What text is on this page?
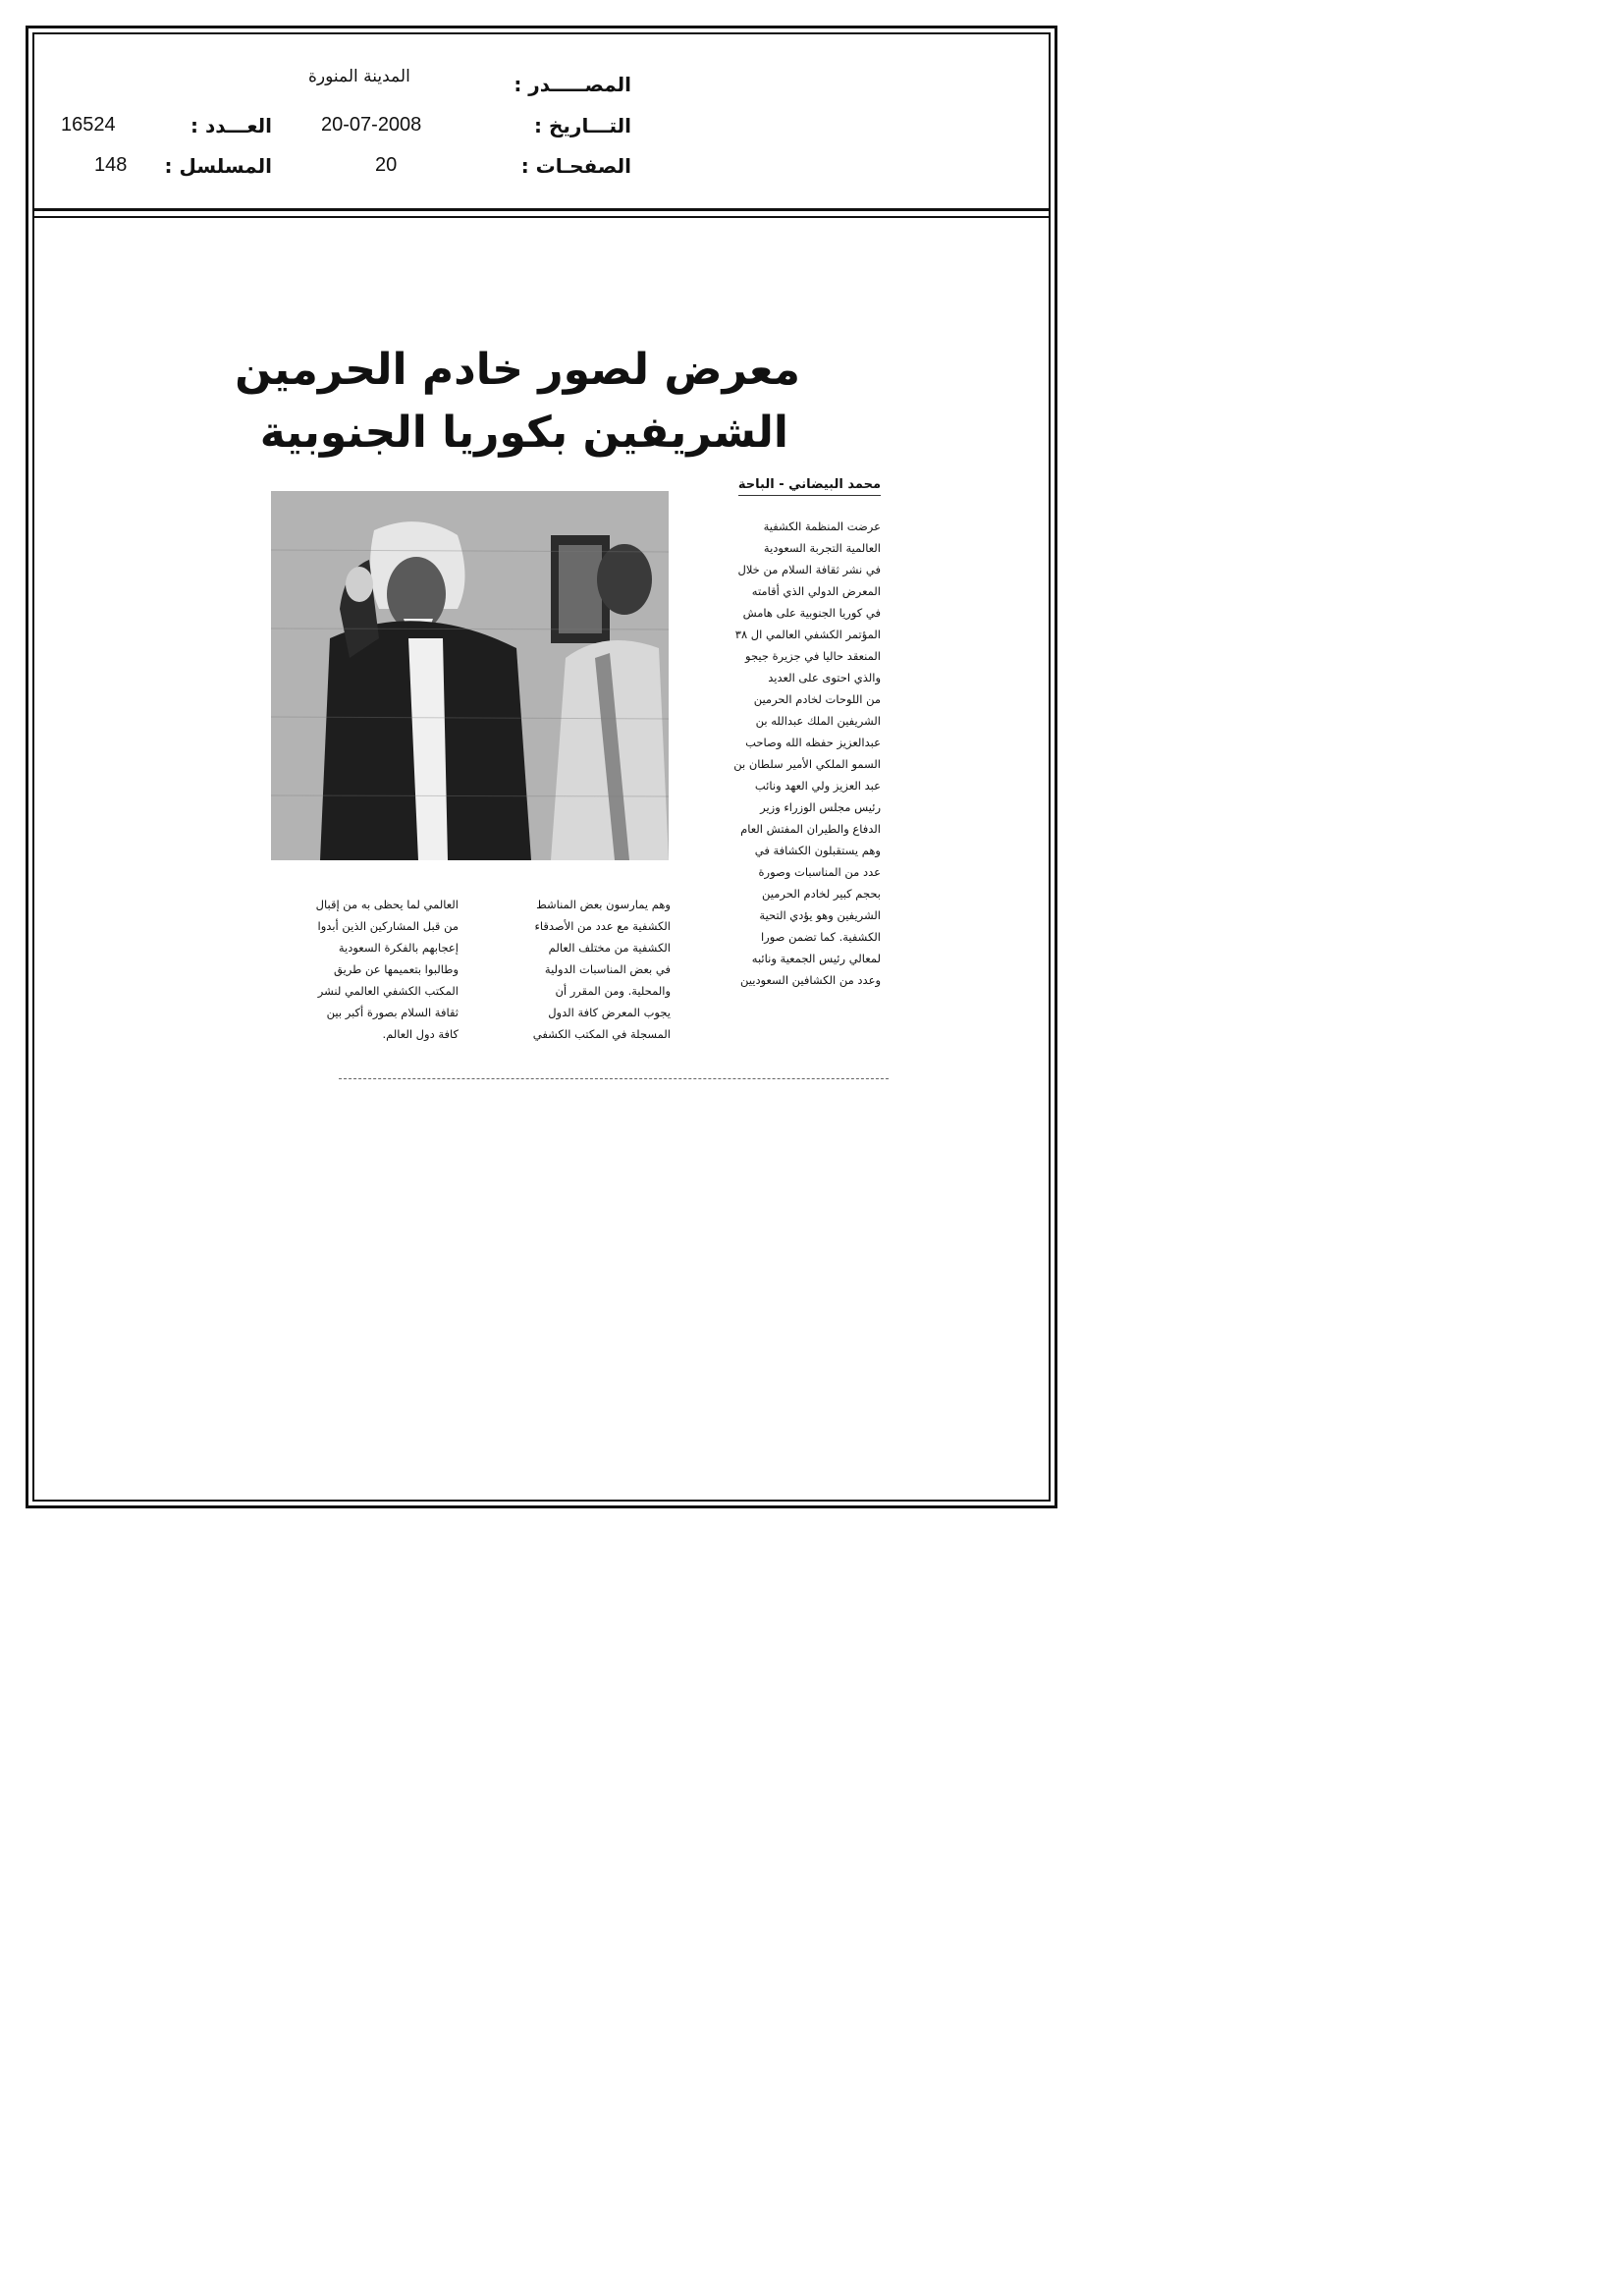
المصـــــدر :
المدينة المنورة
التـــاريخ :
20-07-2008
الصفحـات :
20
العـــدد :
16524
المسلسل :
148
معرض لصور خادم الحرمين
الشريفين بكوريا الجنوبية
محمد البيضاني - الباحة
عرضت المنظمة الكشفية
العالمية التجربة السعودية
في نشر ثقافة السلام من خلال
المعرض الدولي الذي أقامته
في كوريا الجنوبية على هامش
المؤتمر الكشفي العالمي ال ٣٨
المنعقد حاليا في جزيرة جيجو
والذي احتوى على العديد
من اللوحات لخادم الحرمين
الشريفين الملك عبدالله بن
عبدالعزيز حفظه الله وصاحب
السمو الملكي الأمير سلطان بن
عبد العزيز ولي العهد ونائب
رئيس مجلس الوزراء وزير
الدفاع والطيران المفتش العام
وهم يستقبلون الكشافة في
عدد من المناسبات وصورة
بحجم كبير لخادم الحرمين
الشريفين وهو يؤدي التحية
الكشفية. كما تضمن صورا
لمعالي رئيس الجمعية ونائبه
وعدد من الكشافين السعوديين
وهم يمارسون بعض المناشط
الكشفية مع عدد من الأصدقاء
الكشفية من مختلف العالم
في بعض المناسبات الدولية
والمحلية. ومن المقرر أن
يجوب المعرض كافة الدول
المسجلة في المكتب الكشفي
العالمي لما يحظى به من إقبال
من قبل المشاركين الذين أبدوا
إعجابهم بالفكرة السعودية
وطالبوا بتعميمها عن طريق
المكتب الكشفي العالمي لنشر
ثقافة السلام بصورة أكبر بين
كافة دول العالم.
